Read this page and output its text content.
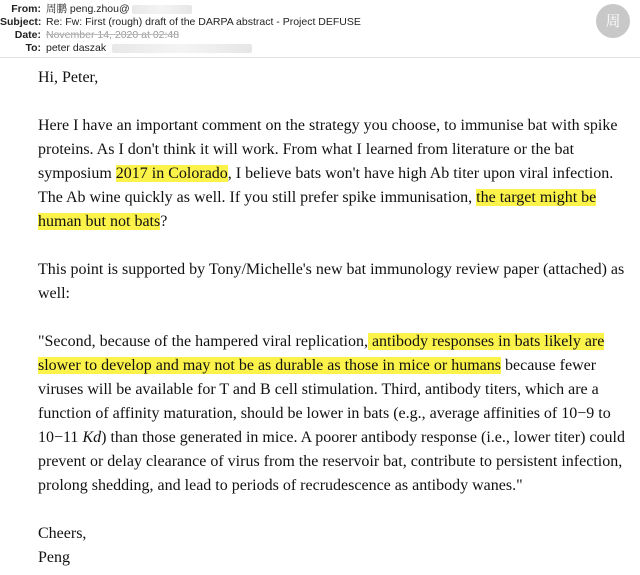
From: 周鹏 peng.zhou@
Subject: Re: Fw: First (rough) draft of the DARPA abstract - Project DEFUSE
Date: November 14, 2020 at 02:48
To: peter daszak
周

Hi, Peter,

Here I have an important comment on the strategy you choose, to immunise bat with spike proteins. As I don't think it will work. From what I learned from literature or the bat symposium 2017 in Colorado, I believe bats won't have high Ab titer upon viral infection. The Ab wine quickly as well. If you still prefer spike immunisation, the target might be human but not bats?

This point is supported by Tony/Michelle's new bat immunology review paper (attached) as well:

"Second, because of the hampered viral replication, antibody responses in bats likely are slower to develop and may not be as durable as those in mice or humans because fewer viruses will be available for T and B cell stimulation. Third, antibody titers, which are a function of affinity maturation, should be lower in bats (e.g., average affinities of 10−9 to 10−11 Kd) than those generated in mice. A poorer antibody response (i.e., lower titer) could prevent or delay clearance of virus from the reservoir bat, contribute to persistent infection, prolong shedding, and lead to periods of recrudescence as antibody wanes."

Cheers,

Peng
